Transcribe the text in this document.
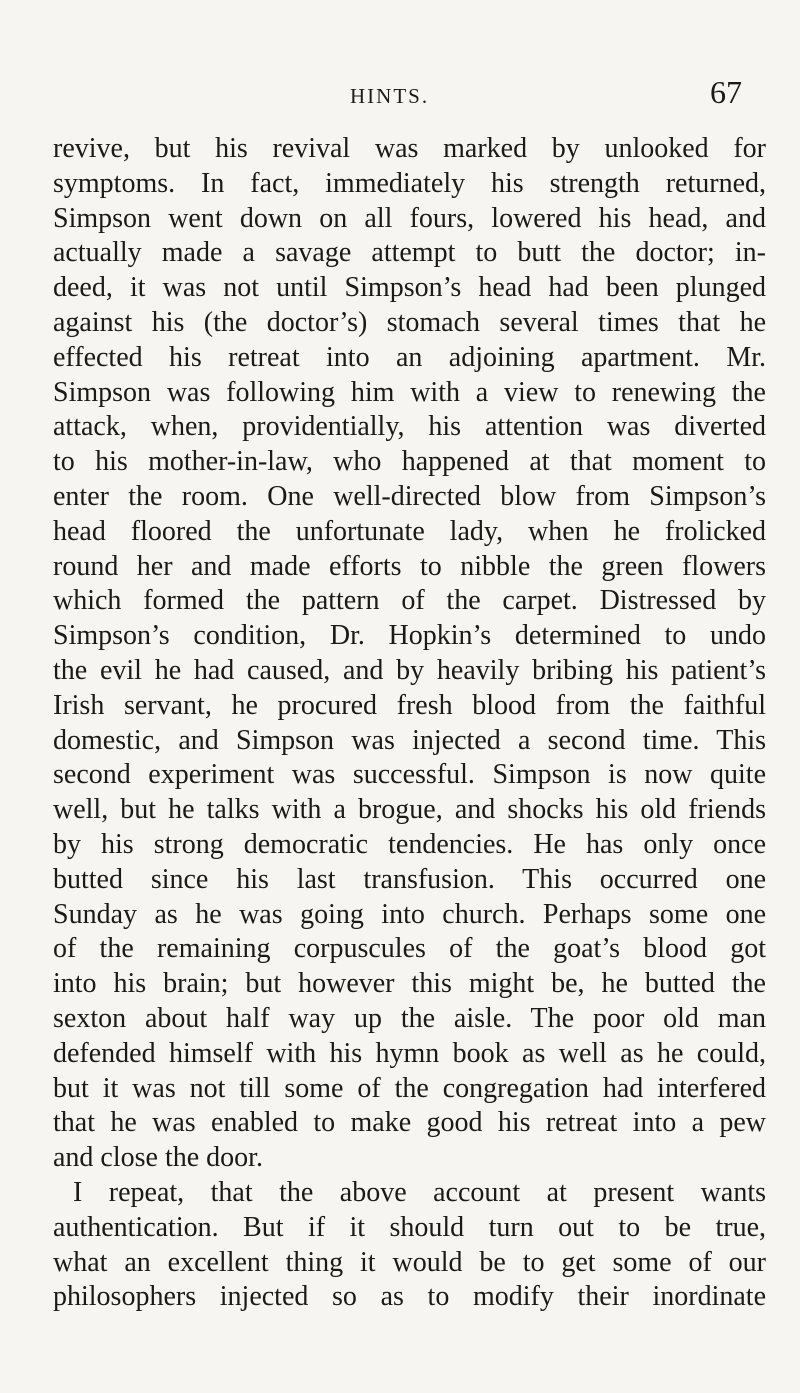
HINTS.	67
revive, but his revival was marked by unlooked for
symptoms. In fact, immediately his strength returned,
Simpson went down on all fours, lowered his head, and
actually made a savage attempt to butt the doctor; in-
deed, it was not until Simpson’s head had been plunged
against his (the doctor’s) stomach several times that he
effected his retreat into an adjoining apartment. Mr.
Simpson was following him with a view to renewing the
attack, when, providentially, his attention was diverted
to his mother-in-law, who happened at that moment to
enter the room. One well-directed blow from Simpson’s
head floored the unfortunate lady, when he frolicked
round her and made efforts to nibble the green flowers
which formed the pattern of the carpet. Distressed by
Simpson’s condition, Dr. Hopkin’s determined to undo
the evil he had caused, and by heavily bribing his patient’s
Irish servant, he procured fresh blood from the faithful
domestic, and Simpson was injected a second time. This
second experiment was successful. Simpson is now quite
well, but he talks with a brogue, and shocks his old friends
by his strong democratic tendencies. He has only once
butted since his last transfusion. This occurred one
Sunday as he was going into church. Perhaps some one
of the remaining corpuscules of the goat’s blood got
into his brain; but however this might be, he butted the
sexton about half way up the aisle. The poor old man
defended himself with his hymn book as well as he could,
but it was not till some of the congregation had interfered
that he was enabled to make good his retreat into a pew
and close the door.
I repeat, that the above account at present wants
authentication. But if it should turn out to be true,
what an excellent thing it would be to get some of our
philosophers injected so as to modify their inordinate
